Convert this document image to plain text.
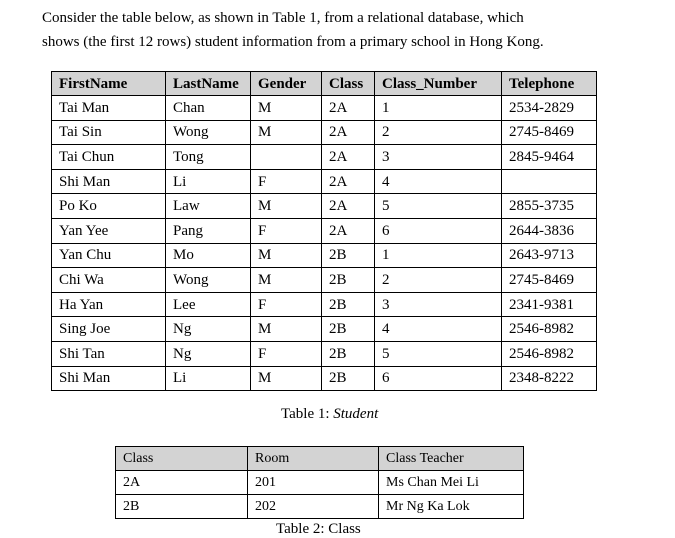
Consider the table below, as shown in Table 1, from a relational database, which
shows (the first 12 rows) student information from a primary school in Hong Kong.

FirstName	LastName	Gender	Class	Class_Number	Telephone
Tai Man	Chan	M	2A	1	2534-2829
Tai Sin	Wong	M	2A	2	2745-8469
Tai Chun	Tong		2A	3	2845-9464
Shi Man	Li	F	2A	4	
Po Ko	Law	M	2A	5	2855-3735
Yan Yee	Pang	F	2A	6	2644-3836
Yan Chu	Mo	M	2B	1	2643-9713
Chi Wa	Wong	M	2B	2	2745-8469
Ha Yan	Lee	F	2B	3	2341-9381
Sing Joe	Ng	M	2B	4	2546-8982
Shi Tan	Ng	F	2B	5	2546-8982
Shi Man	Li	M	2B	6	2348-8222
Table 1: Student
Class	Room	Class Teacher
2A	201	Ms Chan Mei Li
2B	202	Mr Ng Ka Lok
Table 2: Class
